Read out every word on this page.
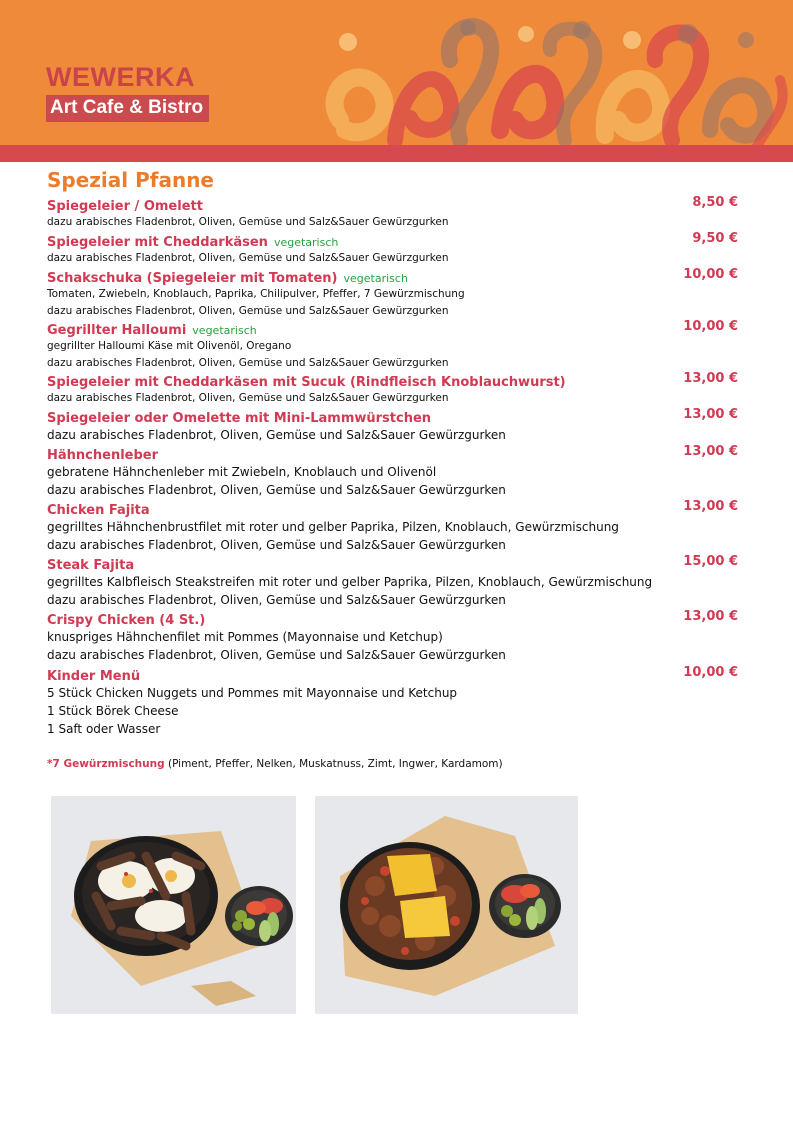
WEWERKA
Art Cafe & Bistro
Spezial Pfanne
Spiegeleier / Omelett	8,50 €
dazu arabisches Fladenbrot, Oliven, Gemüse und Salz&Sauer Gewürzgurken
Spiegeleier mit Cheddarkäsen vegetarisch	9,50 €
dazu arabisches Fladenbrot, Oliven, Gemüse und Salz&Sauer Gewürzgurken
Schakschuka (Spiegeleier mit Tomaten) vegetarisch	10,00 €
Tomaten, Zwiebeln, Knoblauch, Paprika, Chilipulver, Pfeffer, 7 Gewürzmischung
dazu arabisches Fladenbrot, Oliven, Gemüse und Salz&Sauer Gewürzgurken
Gegrillter Halloumi vegetarisch	10,00 €
gegrillter Halloumi Käse mit Olivenöl, Oregano
dazu arabisches Fladenbrot, Oliven, Gemüse und Salz&Sauer Gewürzgurken
Spiegeleier mit Cheddarkäsen mit Sucuk (Rindfleisch Knoblauchwurst)	13,00 €
dazu arabisches Fladenbrot, Oliven, Gemüse und Salz&Sauer Gewürzgurken
Spiegeleier oder Omelette mit Mini-Lammwürstchen	13,00 €
dazu arabisches Fladenbrot, Oliven, Gemüse und Salz&Sauer Gewürzgurken
Hähnchenleber	13,00 €
gebratene Hähnchenleber mit Zwiebeln, Knoblauch und Olivenöl
dazu arabisches Fladenbrot, Oliven, Gemüse und Salz&Sauer Gewürzgurken
Chicken Fajita	13,00 €
gegrilltes Hähnchenbrustfilet mit roter und gelber Paprika, Pilzen, Knoblauch, Gewürzmischung
dazu arabisches Fladenbrot, Oliven, Gemüse und Salz&Sauer Gewürzgurken
Steak Fajita	15,00 €
gegrilltes Kalbfleisch Steakstreifen mit roter und gelber Paprika, Pilzen, Knoblauch, Gewürzmischung
dazu arabisches Fladenbrot, Oliven, Gemüse und Salz&Sauer Gewürzgurken
Crispy Chicken (4 St.)	13,00 €
knuspriges Hähnchenfilet mit Pommes (Mayonnaise und Ketchup)
dazu arabisches Fladenbrot, Oliven, Gemüse und Salz&Sauer Gewürzgurken
Kinder Menü	10,00 €
5 Stück Chicken Nuggets und Pommes mit Mayonnaise und Ketchup
1 Stück Börek Cheese
1 Saft oder Wasser
*7 Gewürzmischung (Piment, Pfeffer, Nelken, Muskatnuss, Zimt, Ingwer, Kardamom)
